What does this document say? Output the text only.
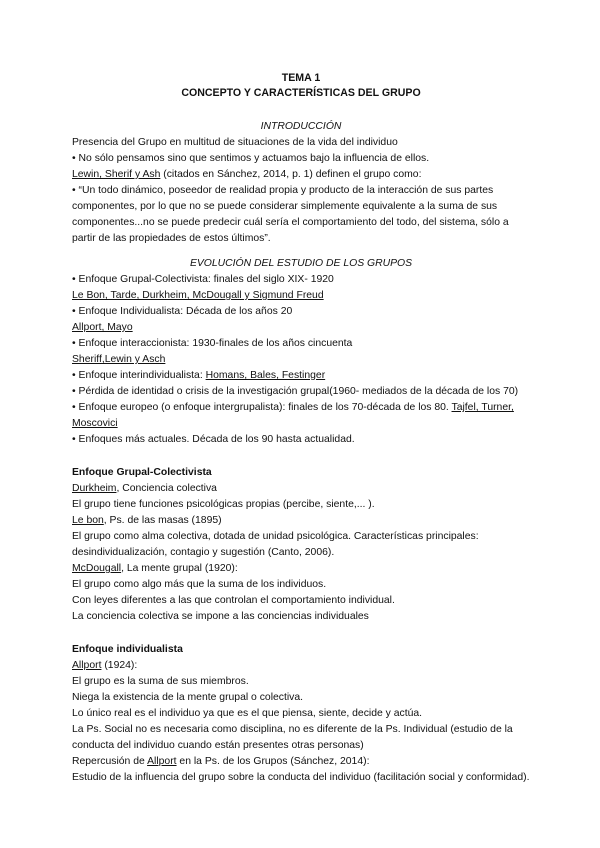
TEMA 1

CONCEPTO Y CARACTERÍSTICAS DEL GRUPO

INTRODUCCIÓN

Presencia del Grupo en multitud de situaciones de la vida del individuo

• No sólo pensamos sino que sentimos y actuamos bajo la influencia de ellos.

Lewin, Sherif y Ash (citados en Sánchez, 2014, p. 1) definen el grupo como:

• “Un todo dinámico, poseedor de realidad propia y producto de la interacción de sus partes componentes, por lo que no se puede considerar simplemente equivalente a la suma de sus componentes...no se puede predecir cuál sería el comportamiento del todo, del sistema, sólo a partir de las propiedades de estos últimos”.

EVOLUCIÓN DEL ESTUDIO DE LOS GRUPOS

• Enfoque Grupal-Colectivista: finales del siglo XIX- 1920

Le Bon, Tarde, Durkheim, McDougall y Sigmund Freud

• Enfoque Individualista: Década de los años 20

Allport, Mayo

• Enfoque interaccionista: 1930-finales de los años cincuenta

Sheriff,Lewin y Asch

• Enfoque interindividualista: Homans, Bales, Festinger

• Pérdida de identidad o crisis de la investigación grupal(1960- mediados de la década de los 70)

• Enfoque europeo (o enfoque intergrupalista): finales de los 70-década de los 80. Tajfel, Turner, Moscovici

• Enfoques más actuales. Década de los 90 hasta actualidad.

Enfoque Grupal-Colectivista

Durkheim, Conciencia colectiva

El grupo tiene funciones psicológicas propias (percibe, siente,... ).

Le bon, Ps. de las masas (1895)

El grupo como alma colectiva, dotada de unidad psicológica. Características principales: desindividualización, contagio y sugestión (Canto, 2006).

McDougall, La mente grupal (1920):

El grupo como algo más que la suma de los individuos.

Con leyes diferentes a las que controlan el comportamiento individual.

La conciencia colectiva se impone a las conciencias individuales

Enfoque individualista

Allport (1924):

El grupo es la suma de sus miembros.

Niega la existencia de la mente grupal o colectiva.

Lo único real es el individuo ya que es el que piensa, siente, decide y actúa.

La Ps. Social no es necesaria como disciplina, no es diferente de la Ps. Individual (estudio de la conducta del individuo cuando están presentes otras personas)

Repercusión de Allport en la Ps. de los Grupos (Sánchez, 2014):

Estudio de la influencia del grupo sobre la conducta del individuo (facilitación social y conformidad).
